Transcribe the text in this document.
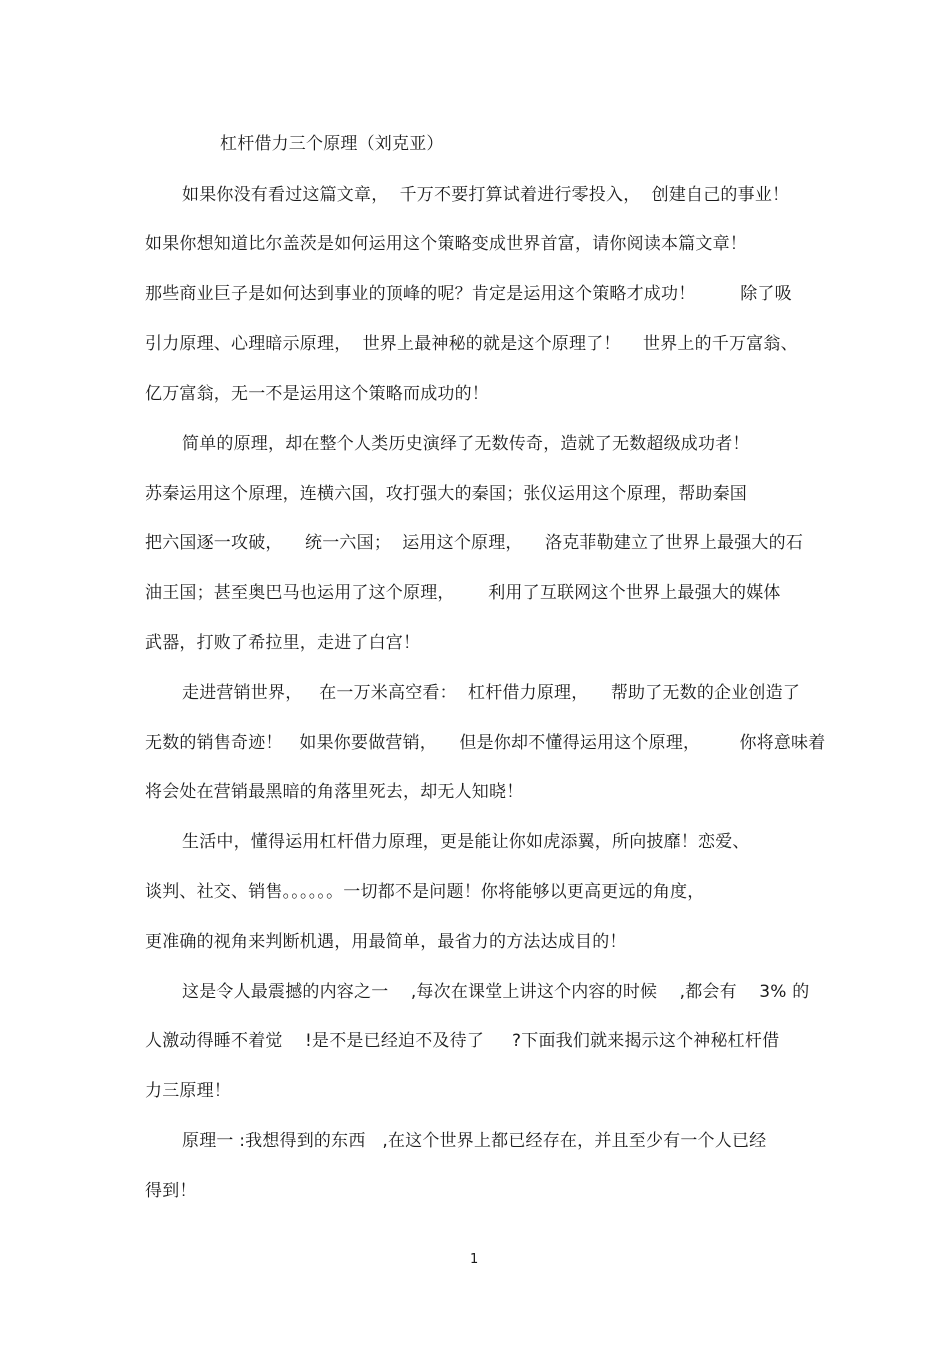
杠杆借力三个原理（刘克亚）
如果你没有看过这篇文章，  千万不要打算试着进行零投入，  创建自己的事业！
如果你想知道比尔盖茨是如何运用这个策略变成世界首富，请你阅读本篇文章！
那些商业巨子是如何达到事业的顶峰的呢？肯定是运用这个策略才成功！        除了吸
引力原理、心理暗示原理，  世界上最神秘的就是这个原理了！    世界上的千万富翁、
亿万富翁，无一不是运用这个策略而成功的！
简单的原理，却在整个人类历史演绎了无数传奇，造就了无数超级成功者！
苏秦运用这个原理，连横六国，攻打强大的秦国；张仪运用这个原理，帮助秦国
把六国逐一攻破，    统一六国；  运用这个原理，    洛克菲勒建立了世界上最强大的石
油王国；甚至奥巴马也运用了这个原理，      利用了互联网这个世界上最强大的媒体
武器，打败了希拉里，走进了白宫！
走进营销世界，   在一万米高空看：  杠杆借力原理，    帮助了无数的企业创造了
无数的销售奇迹！   如果你要做营销，    但是你却不懂得运用这个原理，       你将意味着
将会处在营销最黑暗的角落里死去，却无人知晓！
生活中，懂得运用杠杆借力原理，更是能让你如虎添翼，所向披靡！恋爱、
谈判、社交、销售。。。。。。一切都不是问题！你将能够以更高更远的角度，
更准确的视角来判断机遇，用最简单，最省力的方法达成目的！
这是令人最震撼的内容之一    ,每次在课堂上讲这个内容的时候    ,都会有    3% 的
人激动得睡不着觉    !是不是已经迫不及待了     ?下面我们就来揭示这个神秘杠杆借
力三原理！
原理一 :我想得到的东西   ,在这个世界上都已经存在，并且至少有一个人已经
得到！
1
